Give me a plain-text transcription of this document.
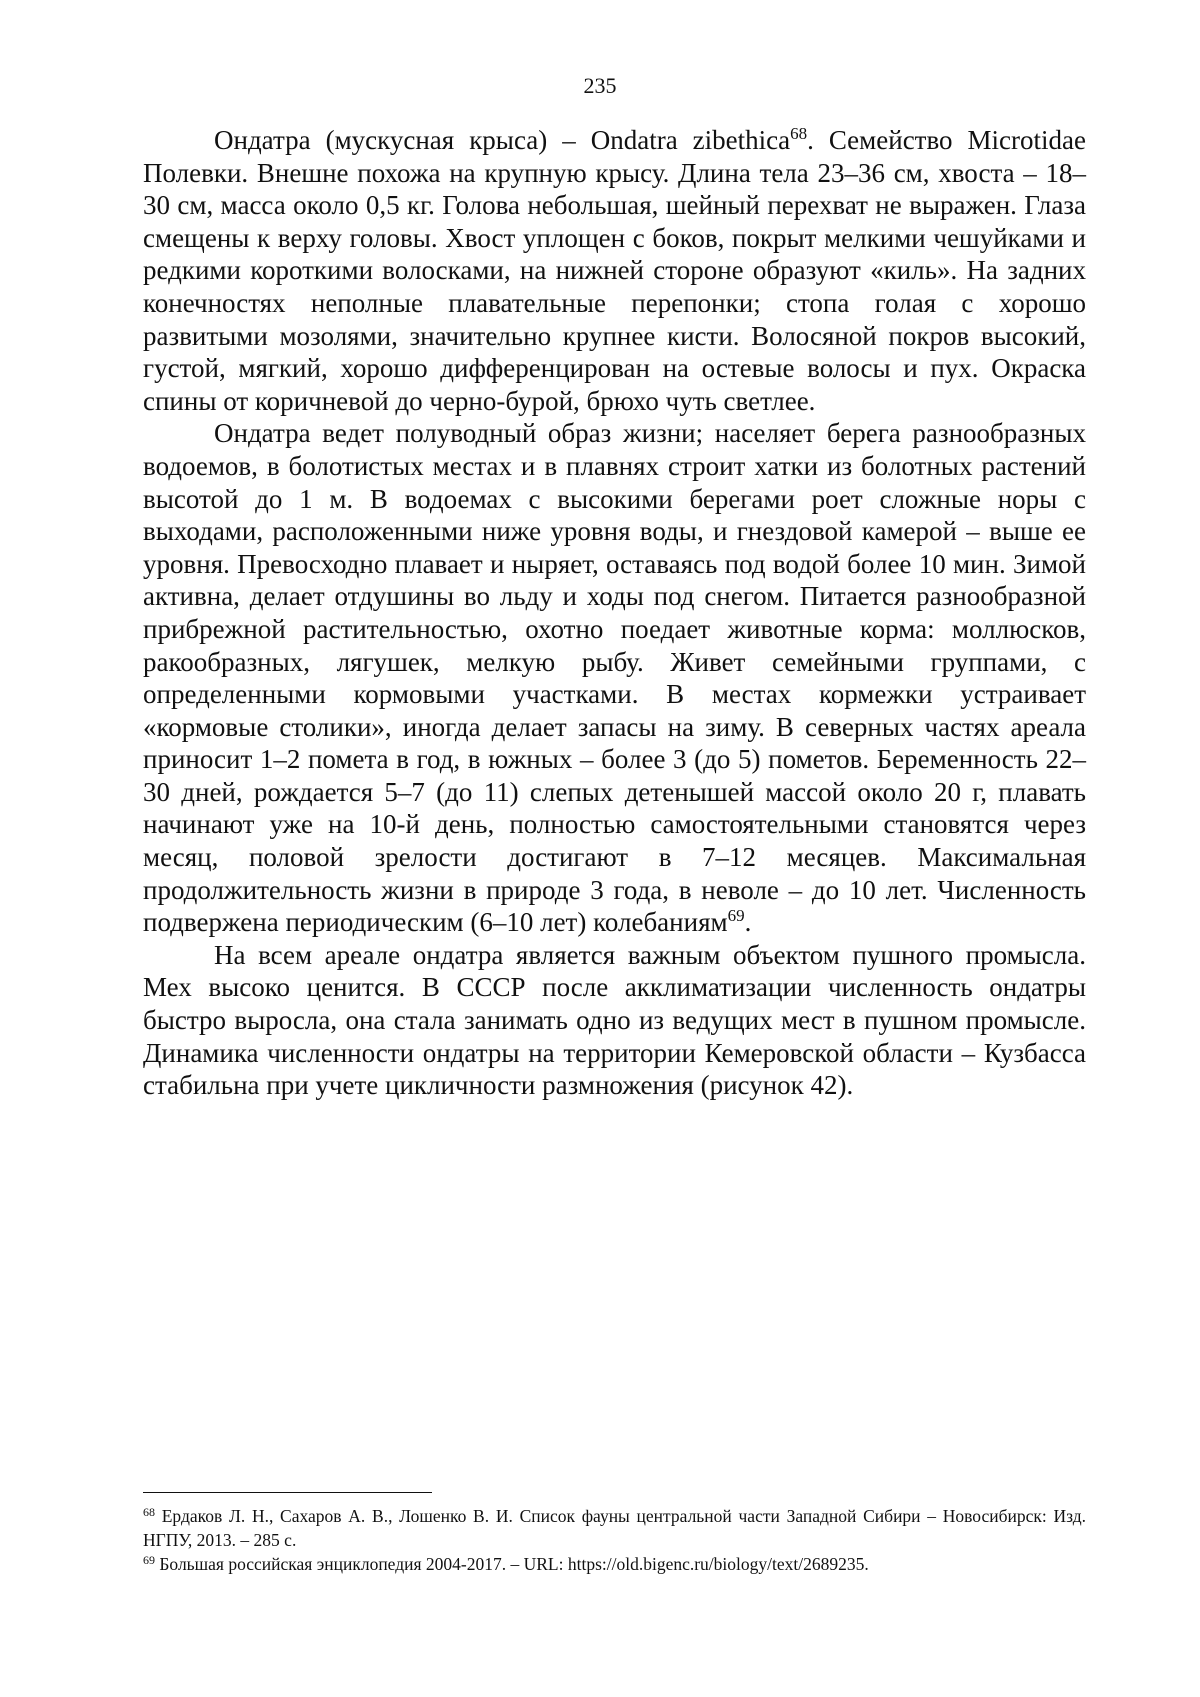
235

Ондатра (мускусная крыса) – Ondatra zibethica$^{68}$. Семейство Microtidae Полевки. Внешне похожа на крупную крысу. Длина тела 23–36 см, хвоста – 18–30 см, масса около 0,5 кг. Голова небольшая, шейный перехват не выражен. Глаза смещены к верху головы. Хвост уплощен с боков, покрыт мелкими чешуйками и редкими короткими волосками, на нижней стороне образуют «киль». На задних конечностях неполные плавательные перепонки; стопа голая с хорошо развитыми мозолями, значительно крупнее кисти. Волосяной покров высокий, густой, мягкий, хорошо дифференцирован на остевые волосы и пух. Окраска спины от коричневой до черно-бурой, брюхо чуть светлее.

Ондатра ведет полуводный образ жизни; населяет берега разнообразных водоемов, в болотистых местах и в плавнях строит хатки из болотных растений высотой до 1 м. В водоемах с высокими берегами роет сложные норы с выходами, расположенными ниже уровня воды, и гнездовой камерой – выше ее уровня. Превосходно плавает и ныряет, оставаясь под водой более 10 мин. Зимой активна, делает отдушины во льду и ходы под снегом. Питается разнообразной прибрежной растительностью, охотно поедает животные корма: моллюсков, ракообразных, лягушек, мелкую рыбу. Живет семейными группами, с определенными кормовыми участками. В местах кормежки устраивает «кормовые столики», иногда делает запасы на зиму. В северных частях ареала приносит 1–2 помета в год, в южных – более 3 (до 5) пометов. Беременность 22–30 дней, рождается 5–7 (до 11) слепых детенышей массой около 20 г, плавать начинают уже на 10-й день, полностью самостоятельными становятся через месяц, половой зрелости достигают в 7–12 месяцев. Максимальная продолжительность жизни в природе 3 года, в неволе – до 10 лет. Численность подвержена периодическим (6–10 лет) колебаниям$^{69}$.

На всем ареале ондатра является важным объектом пушного промысла. Мех высоко ценится. В СССР после акклиматизации численность ондатры быстро выросла, она стала занимать одно из ведущих мест в пушном промысле. Динамика численности ондатры на территории Кемеровской области – Кузбасса стабильна при учете цикличности размножения (рисунок 42).

$^{68}$ Ердаков Л. Н., Сахаров А. В., Лошенко В. И. Список фауны центральной части Западной Сибири – Новосибирск: Изд. НГПУ, 2013. – 285 с.

$^{69}$ Большая российская энциклопедия 2004-2017. – URL: https://old.bigenc.ru/biology/text/2689235.
